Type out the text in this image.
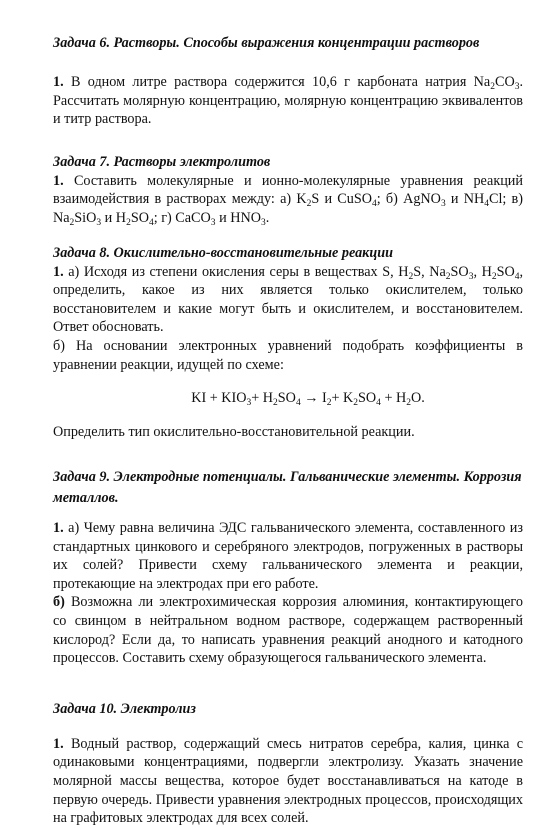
Задача 6. Растворы. Способы выражения концентрации растворов

1. В одном литре раствора содержится 10,6 г карбоната натрия $Na_2CO_3$. Рассчитать молярную концентрацию, молярную концентрацию эквивалентов и титр раствора.

Задача 7. Растворы электролитов

1. Составить молекулярные и ионно-молекулярные уравнения реакций взаимодействия в растворах между: а) $K_2S$ и CuSO$_4$; б) AgNO$_3$ и $NH_4Cl$; в) $Na_2SiO_3$ и $H_2SO_4$; г) CaCO$_3$ и $HNO_3$.

Задача 8. Окислительно-восстановительные реакции

1. а) Исходя из степени окисления серы в веществах S, $H_2S$, $Na_2SO_3$, $H_2SO_4$, определить, какое из них является только окислителем, только восстановителем и какие могут быть и окислителем, и восстановителем. Ответ обосновать.

б) На основании электронных уравнений подобрать коэффициенты в уравнении реакции, идущей по схеме:

KI + $KIO_3+ H_2SO_4 \to I_2+ K_2SO_4 + H_2O$.

Определить тип окислительно-восстановительной реакции.

Задача 9. Электродные потенциалы. Гальванические элементы. Коррозия металлов.

1. а) Чему равна величина ЭДС гальванического элемента, составленного из стандартных цинкового и серебряного электродов, погруженных в растворы их солей? Привести схему гальванического элемента и реакции, протекающие на электродах при его работе.

б) Возможна ли электрохимическая коррозия алюминия, контактирующего со свинцом в нейтральном водном растворе, содержащем растворенный кислород? Если да, то написать уравнения реакций анодного и катодного процессов. Составить схему образующегося гальванического элемента.

Задача 10. Электролиз

1. Водный раствор, содержащий смесь нитратов серебра, калия, цинка с одинаковыми концентрациями, подвергли электролизу. Указать значение молярной массы вещества, которое будет восстанавливаться на катоде в первую очередь. Привести уравнения электродных процессов, происходящих на графитовых электродах для всех солей.
